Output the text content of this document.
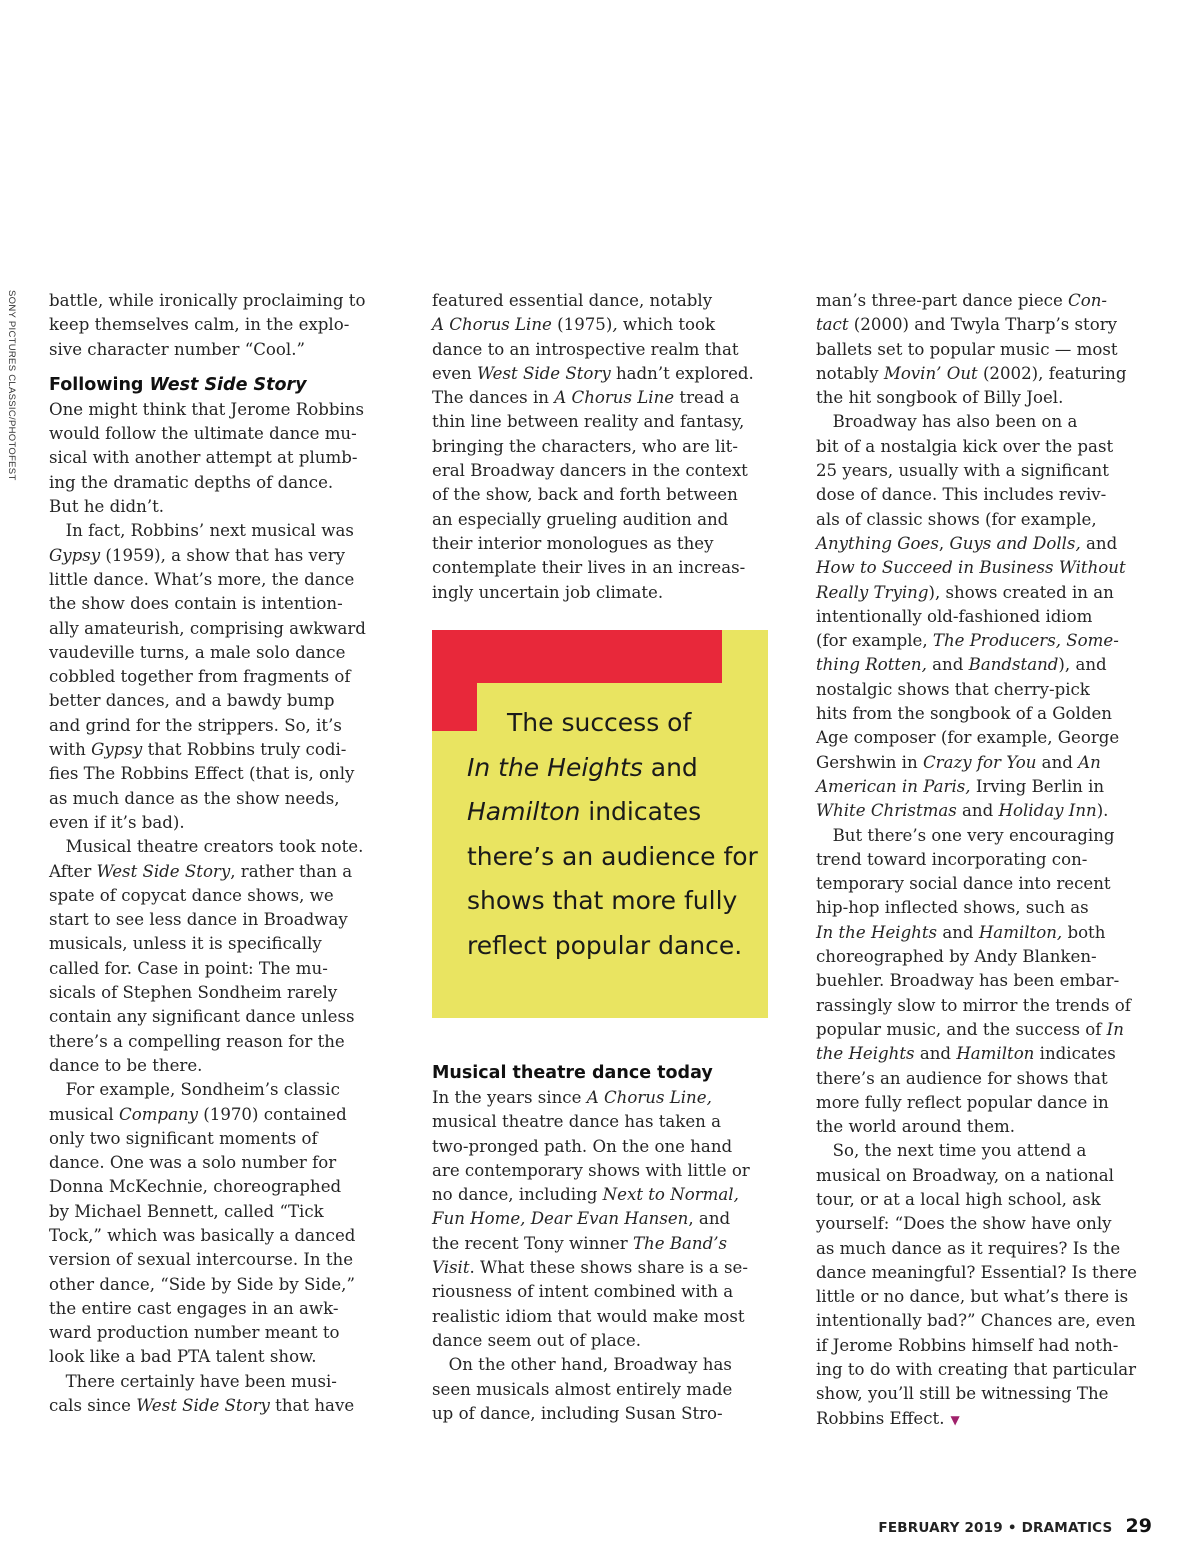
SONY PICTURES CLASSIC/PHOTOFEST battle, while ironically proclaiming to

keep themselves calm, in the explo-

sive character number “Cool.”

Following West Side Story

One might think that Jerome Robbins

would follow the ultimate dance mu-

sical with another attempt at plumb-

ing the dramatic depths of dance.

But he didn’t.

 In fact, Robbins’ next musical was

Gypsy (1959), a show that has very

little dance. What’s more, the dance

the show does contain is intention-

ally amateurish, comprising awkward

vaudeville turns, a male solo dance

cobbled together from fragments of

better dances, and a bawdy bump

and grind for the strippers. So, it’s

with Gypsy that Robbins truly codi-

fies The Robbins Effect (that is, only

as much dance as the show needs,

even if it’s bad).

 Musical theatre creators took note.

After West Side Story, rather than a

spate of copycat dance shows, we

start to see less dance in Broadway

musicals, unless it is specifically

called for. Case in point: The mu-

sicals of Stephen Sondheim rarely

contain any significant dance unless

there’s a compelling reason for the

dance to be there.

 For example, Sondheim’s classic

musical Company (1970) contained

only two significant moments of

dance. One was a solo number for

Donna McKechnie, choreographed

by Michael Bennett, called “Tick

Tock,” which was basically a danced

version of sexual intercourse. In the

other dance, “Side by Side by Side,”

the entire cast engages in an awk-

ward production number meant to

look like a bad PTA talent show.

 There certainly have been musi-

cals since West Side Story that have

featured essential dance, notably

A Chorus Line (1975), which took

dance to an introspective realm that

even West Side Story hadn’t explored.

The dances in A Chorus Line tread a

thin line between reality and fantasy,

bringing the characters, who are lit-

eral Broadway dancers in the context

of the show, back and forth between

an especially grueling audition and

their interior monologues as they

contemplate their lives in an increas-

ingly uncertain job climate.

The success of

In the Heights and

Hamilton indicates

there’s an audience for

shows that more fully

reflect popular dance.

Musical theatre dance today

In the years since A Chorus Line,

musical theatre dance has taken a

two-pronged path. On the one hand

are contemporary shows with little or

no dance, including Next to Normal,

Fun Home, Dear Evan Hansen, and

the recent Tony winner The Band’s

Visit. What these shows share is a se-

riousness of intent combined with a

realistic idiom that would make most

dance seem out of place.

 On the other hand, Broadway has

seen musicals almost entirely made

up of dance, including Susan Stro-

man’s three-part dance piece Con-

tact (2000) and Twyla Tharp’s story

ballets set to popular music — most

notably Movin’ Out (2002), featuring

the hit songbook of Billy Joel.

 Broadway has also been on a

bit of a nostalgia kick over the past

25 years, usually with a significant

dose of dance. This includes reviv-

als of classic shows (for example,

Anything Goes, Guys and Dolls, and

How to Succeed in Business Without

Really Trying), shows created in an

intentionally old-fashioned idiom

(for example, The Producers, Some-

thing Rotten, and Bandstand), and

nostalgic shows that cherry-pick

hits from the songbook of a Golden

Age composer (for example, George

Gershwin in Crazy for You and An

American in Paris, Irving Berlin in

White Christmas and Holiday Inn).

 But there’s one very encouraging

trend toward incorporating con-

temporary social dance into recent

hip-hop inflected shows, such as

In the Heights and Hamilton, both

choreographed by Andy Blanken-

buehler. Broadway has been embar-

rassingly slow to mirror the trends of

popular music, and the success of In

the Heights and Hamilton indicates

there’s an audience for shows that

more fully reflect popular dance in

the world around them.

 So, the next time you attend a

musical on Broadway, on a national

tour, or at a local high school, ask

yourself: “Does the show have only

as much dance as it requires? Is the

dance meaningful? Essential? Is there

little or no dance, but what’s there is

intentionally bad?” Chances are, even

if Jerome Robbins himself had noth-

ing to do with creating that particular

show, you’ll still be witnessing The

Robbins Effect. ▼

FEBRUARY 2019 • DRAMATICS 29
